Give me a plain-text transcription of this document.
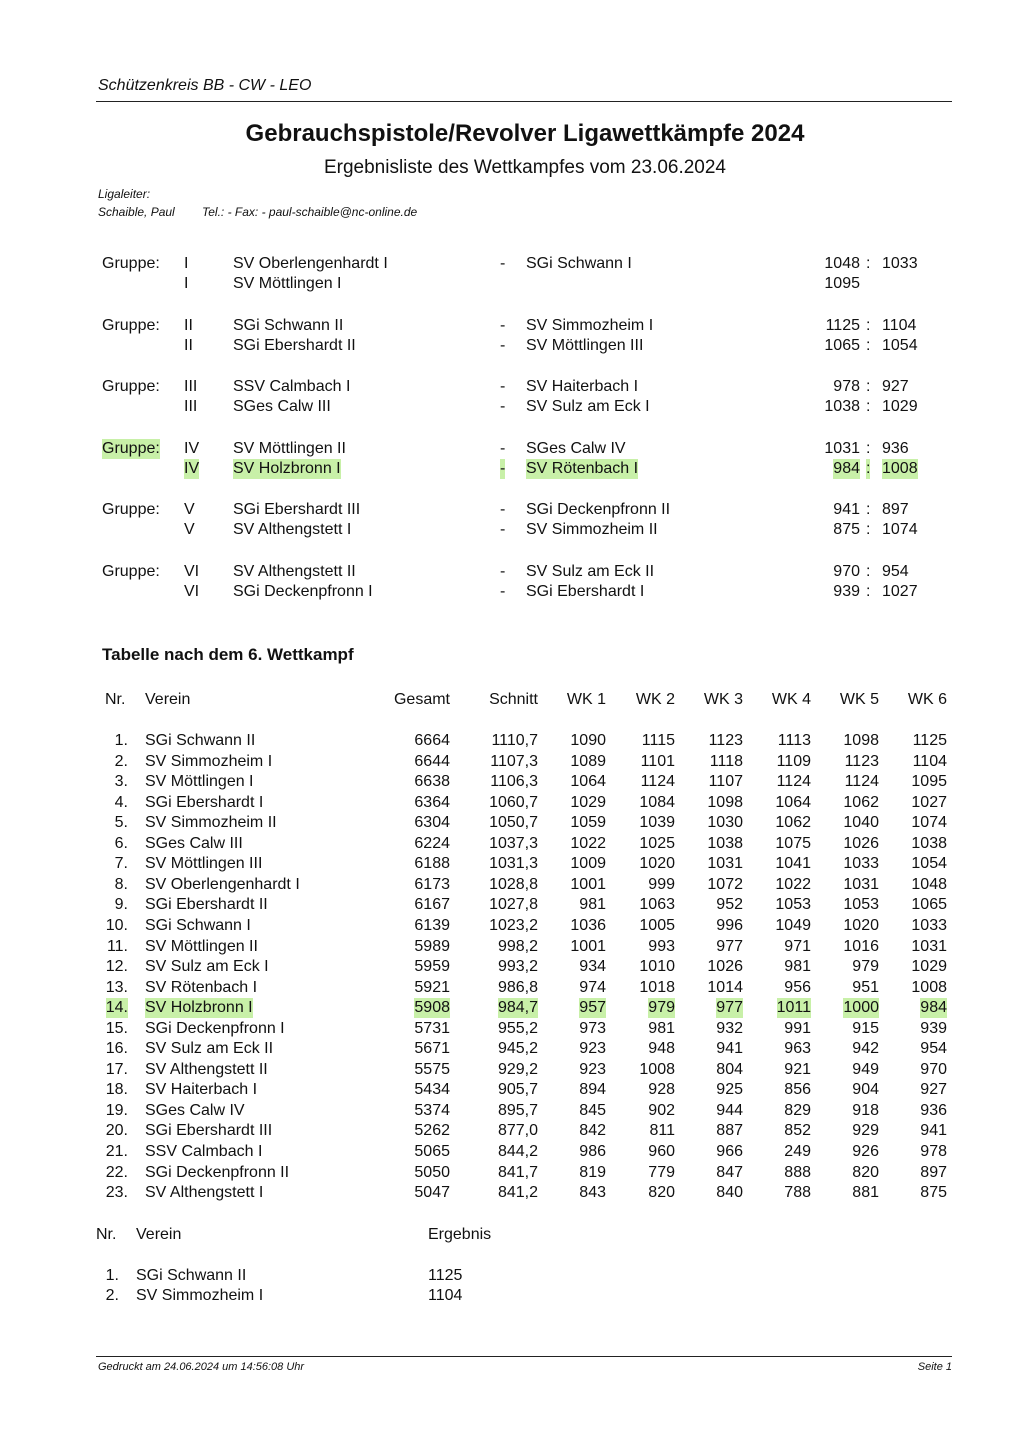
Schützenkreis BB - CW - LEO
Gebrauchspistole/Revolver Ligawettkämpfe 2024
Ergebnisliste des Wettkampfes vom 23.06.2024
Ligaleiter:
Schaible, Paul Tel.: - Fax: - paul-schaible@nc-online.de
Gruppe: I	SV Oberlengenhardt I	- SGi Schwann I	1048 : 1033
I	SV Möttlingen I	1095
Gruppe: II	SGi Schwann II	- SV Simmozheim I	1125 : 1104
II	SGi Ebershardt II	- SV Möttlingen III	1065 : 1054
Gruppe: III SSV Calmbach I	- SV Haiterbach I	978 : 927
III SGes Calw III	- SV Sulz am Eck I	1038 : 1029
Gruppe: IV SV Möttlingen II	- SGes Calw IV	1031 : 936
IV SV Holzbronn I	- SV Rötenbach I	984 : 1008
Gruppe: V SGi Ebershardt III	- SGi Deckenpfronn II	941 : 897
V SV Althengstett I	- SV Simmozheim II	875 : 1074
Gruppe: VI SV Althengstett II	- SV Sulz am Eck II	970 : 954
VI SGi Deckenpfronn I	- SGi Ebershardt I	939 : 1027
Tabelle nach dem 6. Wettkampf
Nr. Verein	Gesamt Schnitt WK 1 WK 2 WK 3 WK 4 WK 5 WK 6
1. SGi Schwann II	6664	1110,7 1090 1115 1123 1113 1098 1125
2. SV Simmozheim I	6644	1107,3 1089 1101 1118 1109 1123 1104
3. SV Möttlingen I	6638	1106,3 1064 1124 1107 1124 1124 1095
4. SGi Ebershardt I	6364 1060,7 1029 1084 1098 1064 1062 1027
5. SV Simmozheim II	6304 1050,7 1059 1039 1030 1062 1040 1074
6. SGes Calw III	6224 1037,3 1022 1025 1038 1075 1026 1038
7. SV Möttlingen III	6188 1031,3 1009 1020 1031 1041 1033 1054
8. SV Oberlengenhardt I	6173 1028,8 1001	999 1072 1022 1031 1048
9. SGi Ebershardt II	6167 1027,8	981 1063	952 1053 1053 1065
10. SGi Schwann I	6139 1023,2 1036 1005	996 1049 1020 1033
11. SV Möttlingen II	5989	998,2 1001	993	977	971 1016 1031
12. SV Sulz am Eck I	5959	993,2	934 1010 1026	981	979 1029
13. SV Rötenbach I	5921	986,8	974 1018 1014	956	951 1008
14. SV Holzbronn I	5908	984,7	957	979	977 1011 1000	984
15. SGi Deckenpfronn I	5731	955,2	973	981	932	991	915	939
16. SV Sulz am Eck II	5671	945,2	923	948	941	963	942	954
17. SV Althengstett II	5575	929,2	923 1008	804	921	949	970
18. SV Haiterbach I	5434	905,7	894	928	925	856	904	927
19. SGes Calw IV	5374	895,7	845	902	944	829	918	936
20. SGi Ebershardt III	5262	877,0	842	811	887	852	929	941
21. SSV Calmbach I	5065	844,2	986	960	966	249	926	978
22. SGi Deckenpfronn II	5050	841,7	819	779	847	888	820	897
23. SV Althengstett I	5047	841,2	843	820	840	788	881	875
Nr. Verein	Ergebnis
1. SGi Schwann II	1125
2. SV Simmozheim I	1104
Gedruckt am 24.06.2024 um 14:56:08 Uhr	Seite 1
